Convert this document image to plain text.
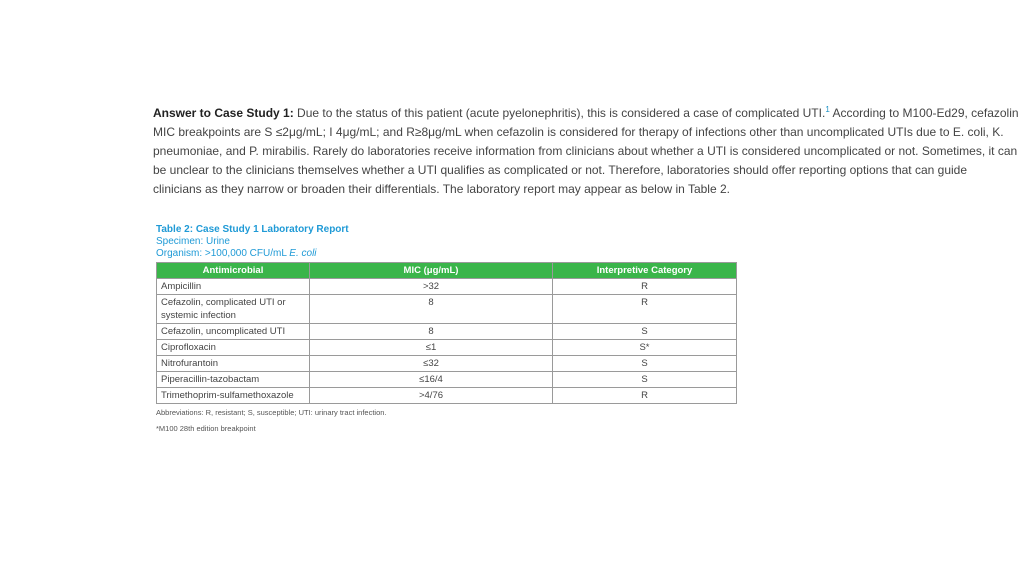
Answer to Case Study 1: Due to the status of this patient (acute pyelonephritis), this is considered a case of complicated UTI.$^1$ According to M100-Ed29, cefazolin MIC breakpoints are S ≤2μg/mL; I 4μg/mL; and R≥8μg/mL when cefazolin is considered for therapy of infections other than uncomplicated UTIs due to E. coli, K. pneumoniae, and P. mirabilis. Rarely do laboratories receive information from clinicians about whether a UTI is considered uncomplicated or not. Sometimes, it can be unclear to the clinicians themselves whether a UTI qualifies as complicated or not. Therefore, laboratories should offer reporting options that can guide clinicians as they narrow or broaden their differentials. The laboratory report may appear as below in Table 2.

Table 2: Case Study 1 Laboratory Report

Specimen: Urine

Organism: >100,000 CFU/mL E. coli

Antimicrobial	MIC (μg/mL)	Interpretive Category
Ampicillin	>32	R
Cefazolin, complicated UTI or systemic infection	8	R
Cefazolin, uncomplicated UTI	8	S
Ciprofloxacin	≤1	S*
Nitrofurantoin	≤32	S
Piperacillin-tazobactam	≤16/4	S
Trimethoprim-sulfamethoxazole	>4/76	R

Abbreviations: R, resistant; S, susceptible; UTI: urinary tract infection.

*M100 28th edition breakpoint
